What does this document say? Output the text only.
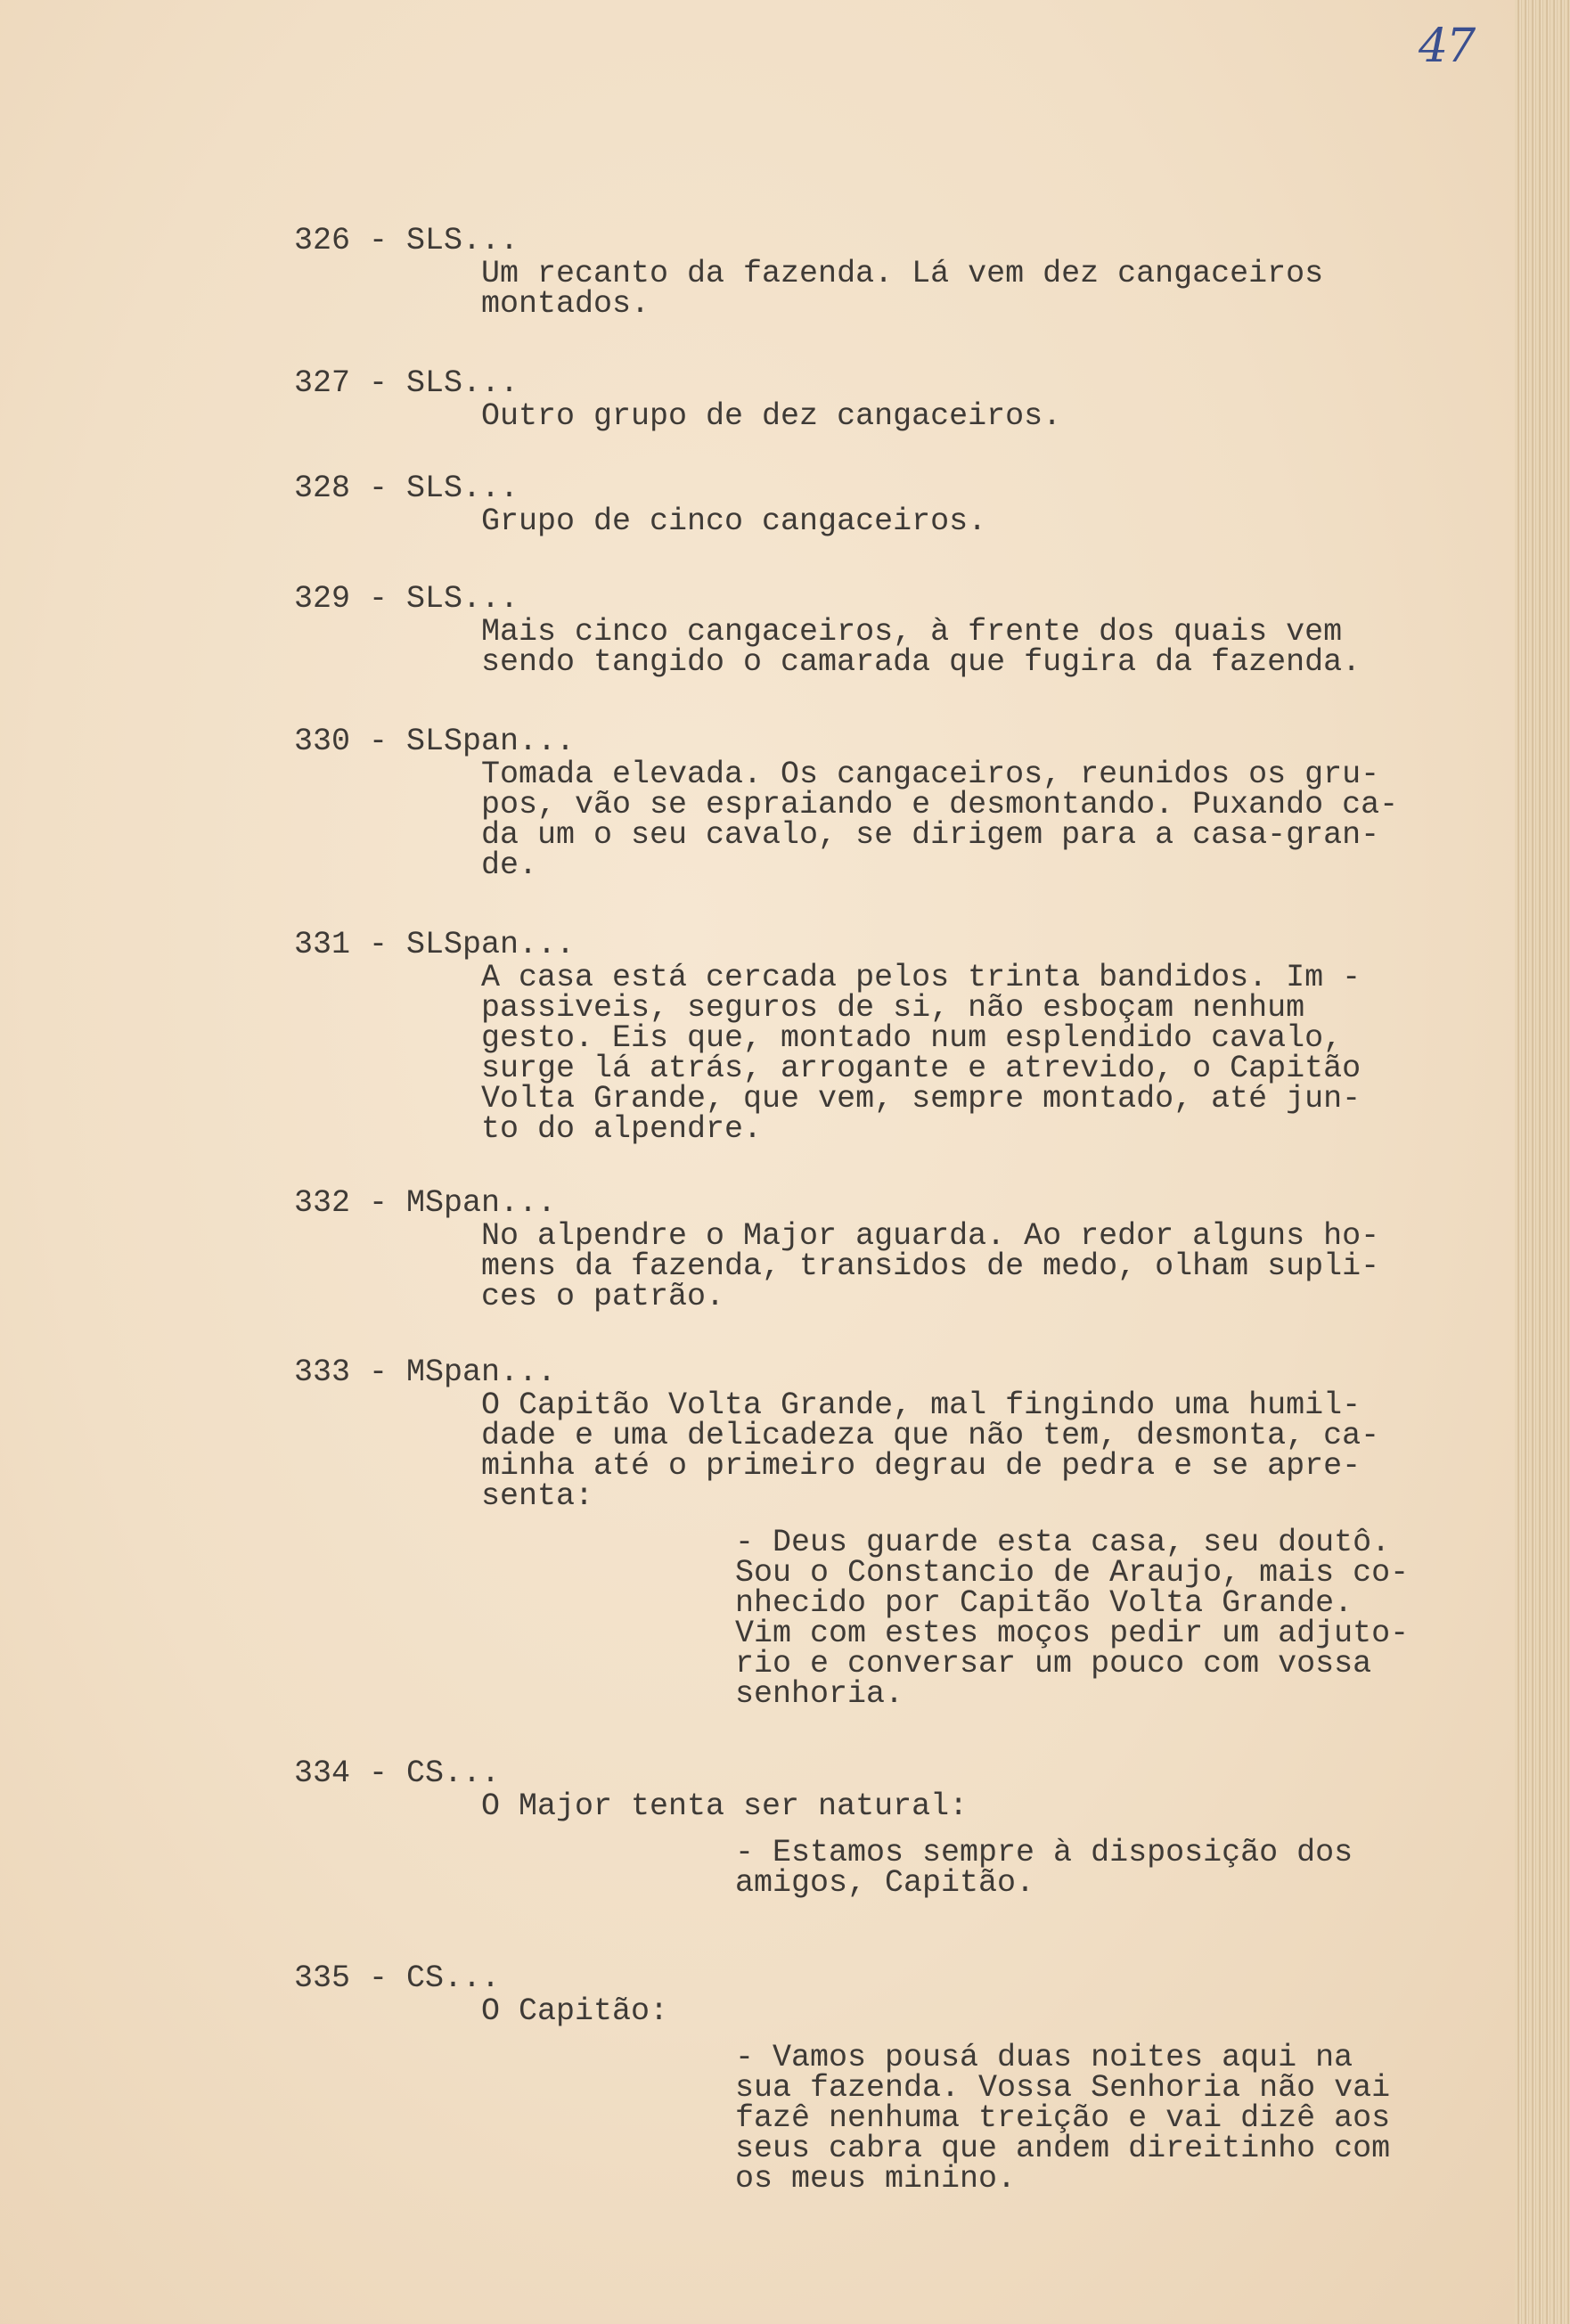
47
326 - SLS...
Um recanto da fazenda. Lá vem dez cangaceiros
montados.
327 - SLS...
Outro grupo de dez cangaceiros.
328 - SLS...
Grupo de cinco cangaceiros.
329 - SLS...
Mais cinco cangaceiros, à frente dos quais vem
sendo tangido o camarada que fugira da fazenda.
330 - SLSpan...
Tomada elevada. Os cangaceiros, reunidos os gru-
pos, vão se espraiando e desmontando. Puxando ca-
da um o seu cavalo, se dirigem para a casa-gran-
de.
331 - SLSpan...
A casa está cercada pelos trinta bandidos. Im -
passiveis, seguros de si, não esboçam nenhum
gesto. Eis que, montado num esplendido cavalo,
surge lá atrás, arrogante e atrevido, o Capitão
Volta Grande, que vem, sempre montado, até jun-
to do alpendre.
332 - MSpan...
No alpendre o Major aguarda. Ao redor alguns ho-
mens da fazenda, transidos de medo, olham supli-
ces o patrão.
333 - MSpan...
O Capitão Volta Grande, mal fingindo uma humil-
dade e uma delicadeza que não tem, desmonta, ca-
minha até o primeiro degrau de pedra e se apre-
senta:
- Deus guarde esta casa, seu doutô.
Sou o Constancio de Araujo, mais co-
nhecido por Capitão Volta Grande.
Vim com estes moços pedir um adjuto-
rio e conversar um pouco com vossa
senhoria.
334 - CS...
O Major tenta ser natural:
- Estamos sempre à disposição dos
amigos, Capitão.
335 - CS...
O Capitão:
- Vamos pousá duas noites aqui na
sua fazenda. Vossa Senhoria não vai
fazê nenhuma treição e vai dizê aos
seus cabra que andem direitinho com
os meus minino.
